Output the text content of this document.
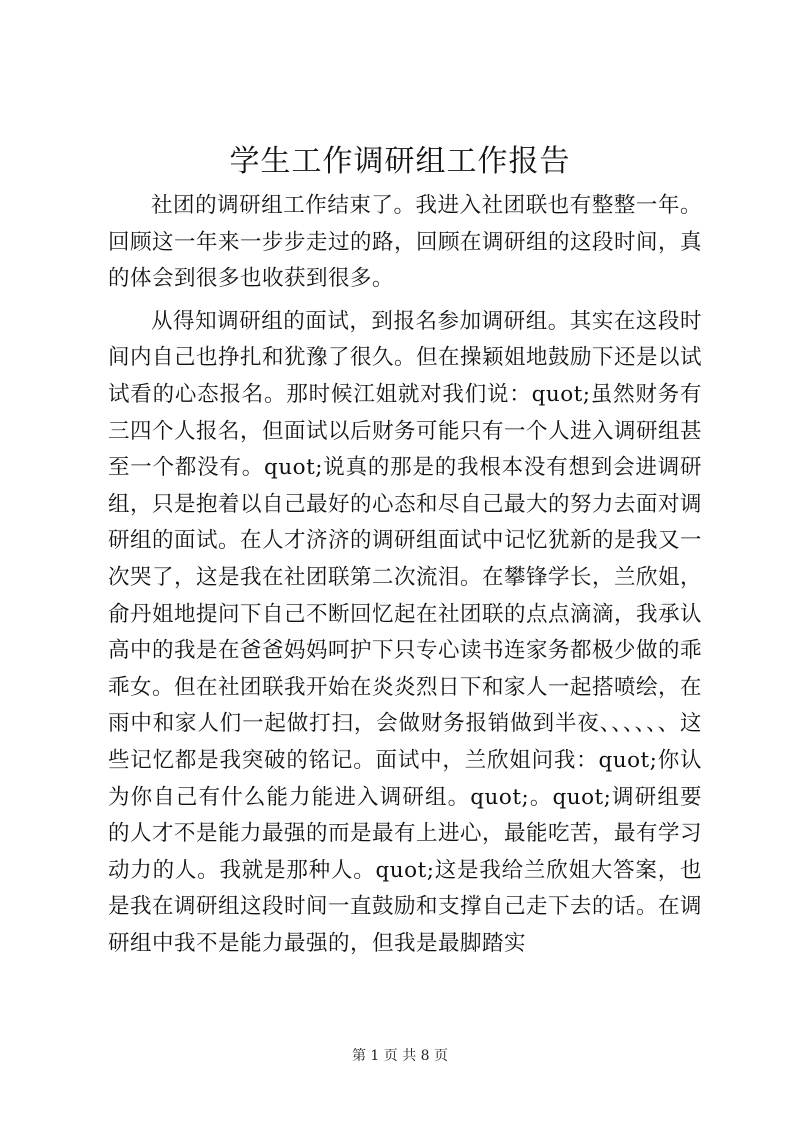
学生工作调研组工作报告

社团的调研组工作结束了。我进入社团联也有整整一年。回顾这一年来一步步走过的路，回顾在调研组的这段时间，真的体会到很多也收获到很多。

从得知调研组的面试，到报名参加调研组。其实在这段时间内自己也挣扎和犹豫了很久。但在操颖姐地鼓励下还是以试试看的心态报名。那时候江姐就对我们说：quot;虽然财务有三四个人报名，但面试以后财务可能只有一个人进入调研组甚至一个都没有。quot;说真的那是的我根本没有想到会进调研组，只是抱着以自己最好的心态和尽自己最大的努力去面对调研组的面试。在人才济济的调研组面试中记忆犹新的是我又一次哭了，这是我在社团联第二次流泪。在攀锋学长，兰欣姐，俞丹姐地提问下自己不断回忆起在社团联的点点滴滴，我承认高中的我是在爸爸妈妈呵护下只专心读书连家务都极少做的乖乖女。但在社团联我开始在炎炎烈日下和家人一起搭喷绘，在雨中和家人们一起做打扫，会做财务报销做到半夜、、、、、、这些记忆都是我突破的铭记。面试中，兰欣姐问我：quot;你认为你自己有什么能力能进入调研组。quot;。quot;调研组要的人才不是能力最强的而是最有上进心，最能吃苦，最有学习动力的人。我就是那种人。quot;这是我给兰欣姐大答案，也是我在调研组这段时间一直鼓励和支撑自己走下去的话。在调研组中我不是能力最强的，但我是最脚踏实

第 1 页 共 8 页
